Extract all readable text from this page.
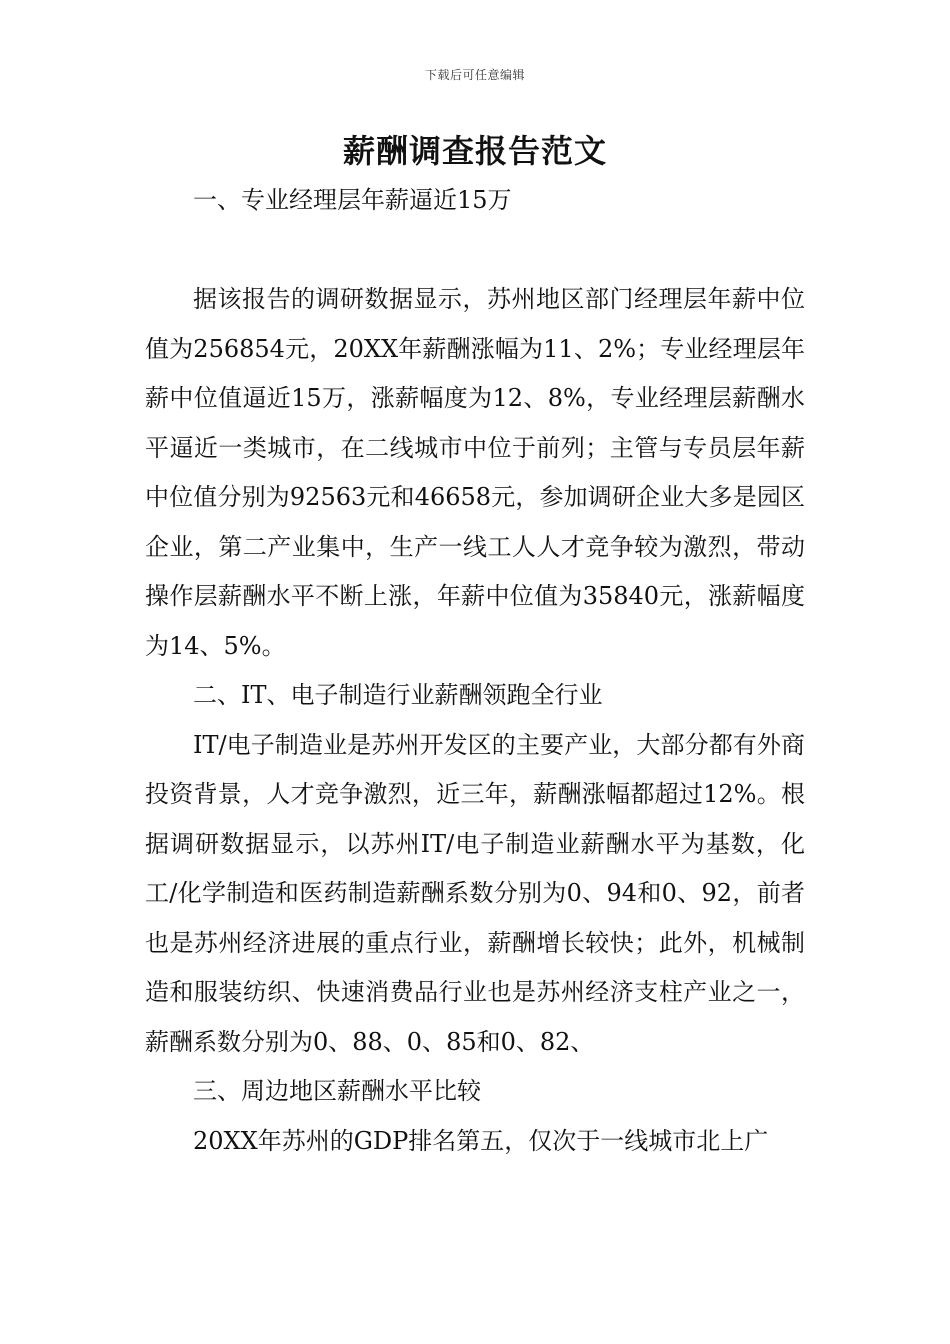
下载后可任意编辑
薪酬调查报告范文

一、专业经理层年薪逼近15万

据该报告的调研数据显示，苏州地区部门经理层年薪中位值为256854元，20XX年薪酬涨幅为11、2%；专业经理层年薪中位值逼近15万，涨薪幅度为12、8%，专业经理层薪酬水平逼近一类城市，在二线城市中位于前列；主管与专员层年薪中位值分别为92563元和46658元，参加调研企业大多是园区企业，第二产业集中，生产一线工人人才竞争较为激烈，带动操作层薪酬水平不断上涨，年薪中位值为35840元，涨薪幅度为14、5%。

二、IT、电子制造行业薪酬领跑全行业

IT/电子制造业是苏州开发区的主要产业，大部分都有外商投资背景，人才竞争激烈，近三年，薪酬涨幅都超过12%。根据调研数据显示，以苏州IT/电子制造业薪酬水平为基数，化工/化学制造和医药制造薪酬系数分别为0、94和0、92，前者也是苏州经济进展的重点行业，薪酬增长较快；此外，机械制造和服装纺织、快速消费品行业也是苏州经济支柱产业之一，薪酬系数分别为0、88、0、85和0、82、

三、周边地区薪酬水平比较

20XX年苏州的GDP排名第五，仅次于一线城市北上广
